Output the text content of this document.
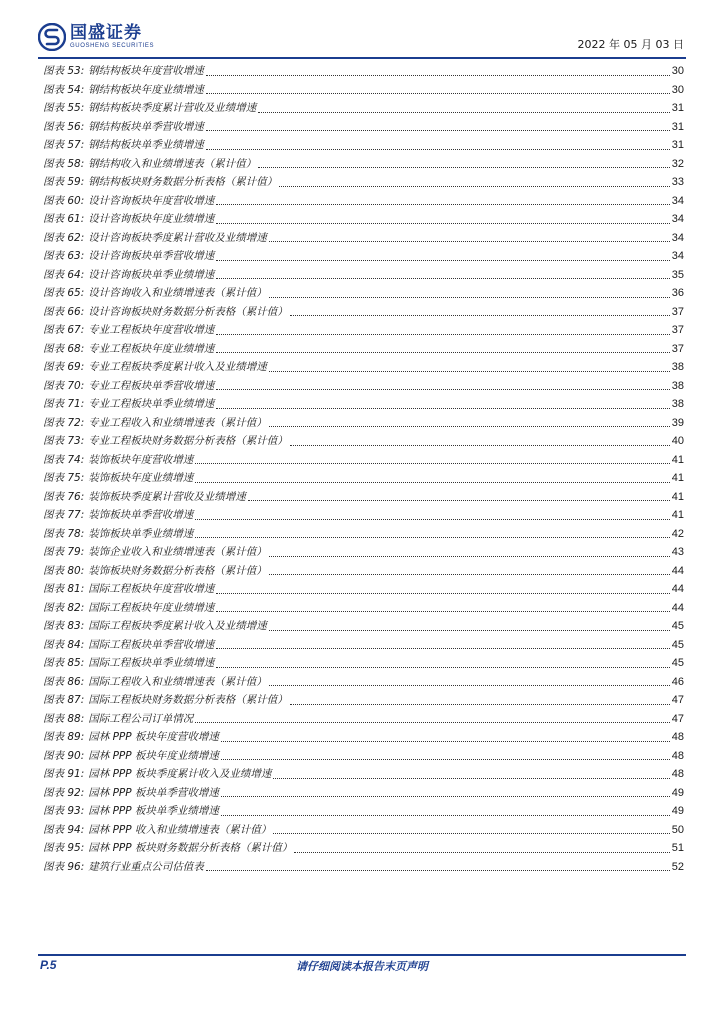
国盛证券
GUOSHENG SECURITIES	2022 年 05 月 03 日
图表 53: 钢结构板块年度营收增速	30
图表 54: 钢结构板块年度业绩增速	30
图表 55: 钢结构板块季度累计营收及业绩增速	31
图表 56: 钢结构板块单季营收增速	31
图表 57: 钢结构板块单季业绩增速	31
图表 58: 钢结构收入和业绩增速表（累计值）	32
图表 59: 钢结构板块财务数据分析表格（累计值）	33
图表 60: 设计咨询板块年度营收增速	34
图表 61: 设计咨询板块年度业绩增速	34
图表 62: 设计咨询板块季度累计营收及业绩增速	34
图表 63: 设计咨询板块单季营收增速	34
图表 64: 设计咨询板块单季业绩增速	35
图表 65: 设计咨询收入和业绩增速表（累计值）	36
图表 66: 设计咨询板块财务数据分析表格（累计值）	37
图表 67: 专业工程板块年度营收增速	37
图表 68: 专业工程板块年度业绩增速	37
图表 69: 专业工程板块季度累计收入及业绩增速	38
图表 70: 专业工程板块单季营收增速	38
图表 71: 专业工程板块单季业绩增速	38
图表 72: 专业工程收入和业绩增速表（累计值）	39
图表 73: 专业工程板块财务数据分析表格（累计值）	40
图表 74: 装饰板块年度营收增速	41
图表 75: 装饰板块年度业绩增速	41
图表 76: 装饰板块季度累计营收及业绩增速	41
图表 77: 装饰板块单季营收增速	41
图表 78: 装饰板块单季业绩增速	42
图表 79: 装饰企业收入和业绩增速表（累计值）	43
图表 80: 装饰板块财务数据分析表格（累计值）	44
图表 81: 国际工程板块年度营收增速	44
图表 82: 国际工程板块年度业绩增速	44
图表 83: 国际工程板块季度累计收入及业绩增速	45
图表 84: 国际工程板块单季营收增速	45
图表 85: 国际工程板块单季业绩增速	45
图表 86: 国际工程收入和业绩增速表（累计值）	46
图表 87: 国际工程板块财务数据分析表格（累计值）	47
图表 88: 国际工程公司订单情况	47
图表 89: 园林 PPP 板块年度营收增速	48
图表 90: 园林 PPP 板块年度业绩增速	48
图表 91: 园林 PPP 板块季度累计收入及业绩增速	48
图表 92: 园林 PPP 板块单季营收增速	49
图表 93: 园林 PPP 板块单季业绩增速	49
图表 94: 园林 PPP 收入和业绩增速表（累计值）	50
图表 95: 园林 PPP 板块财务数据分析表格（累计值）	51
图表 96: 建筑行业重点公司估值表	52
P.5	请仔细阅读本报告末页声明
